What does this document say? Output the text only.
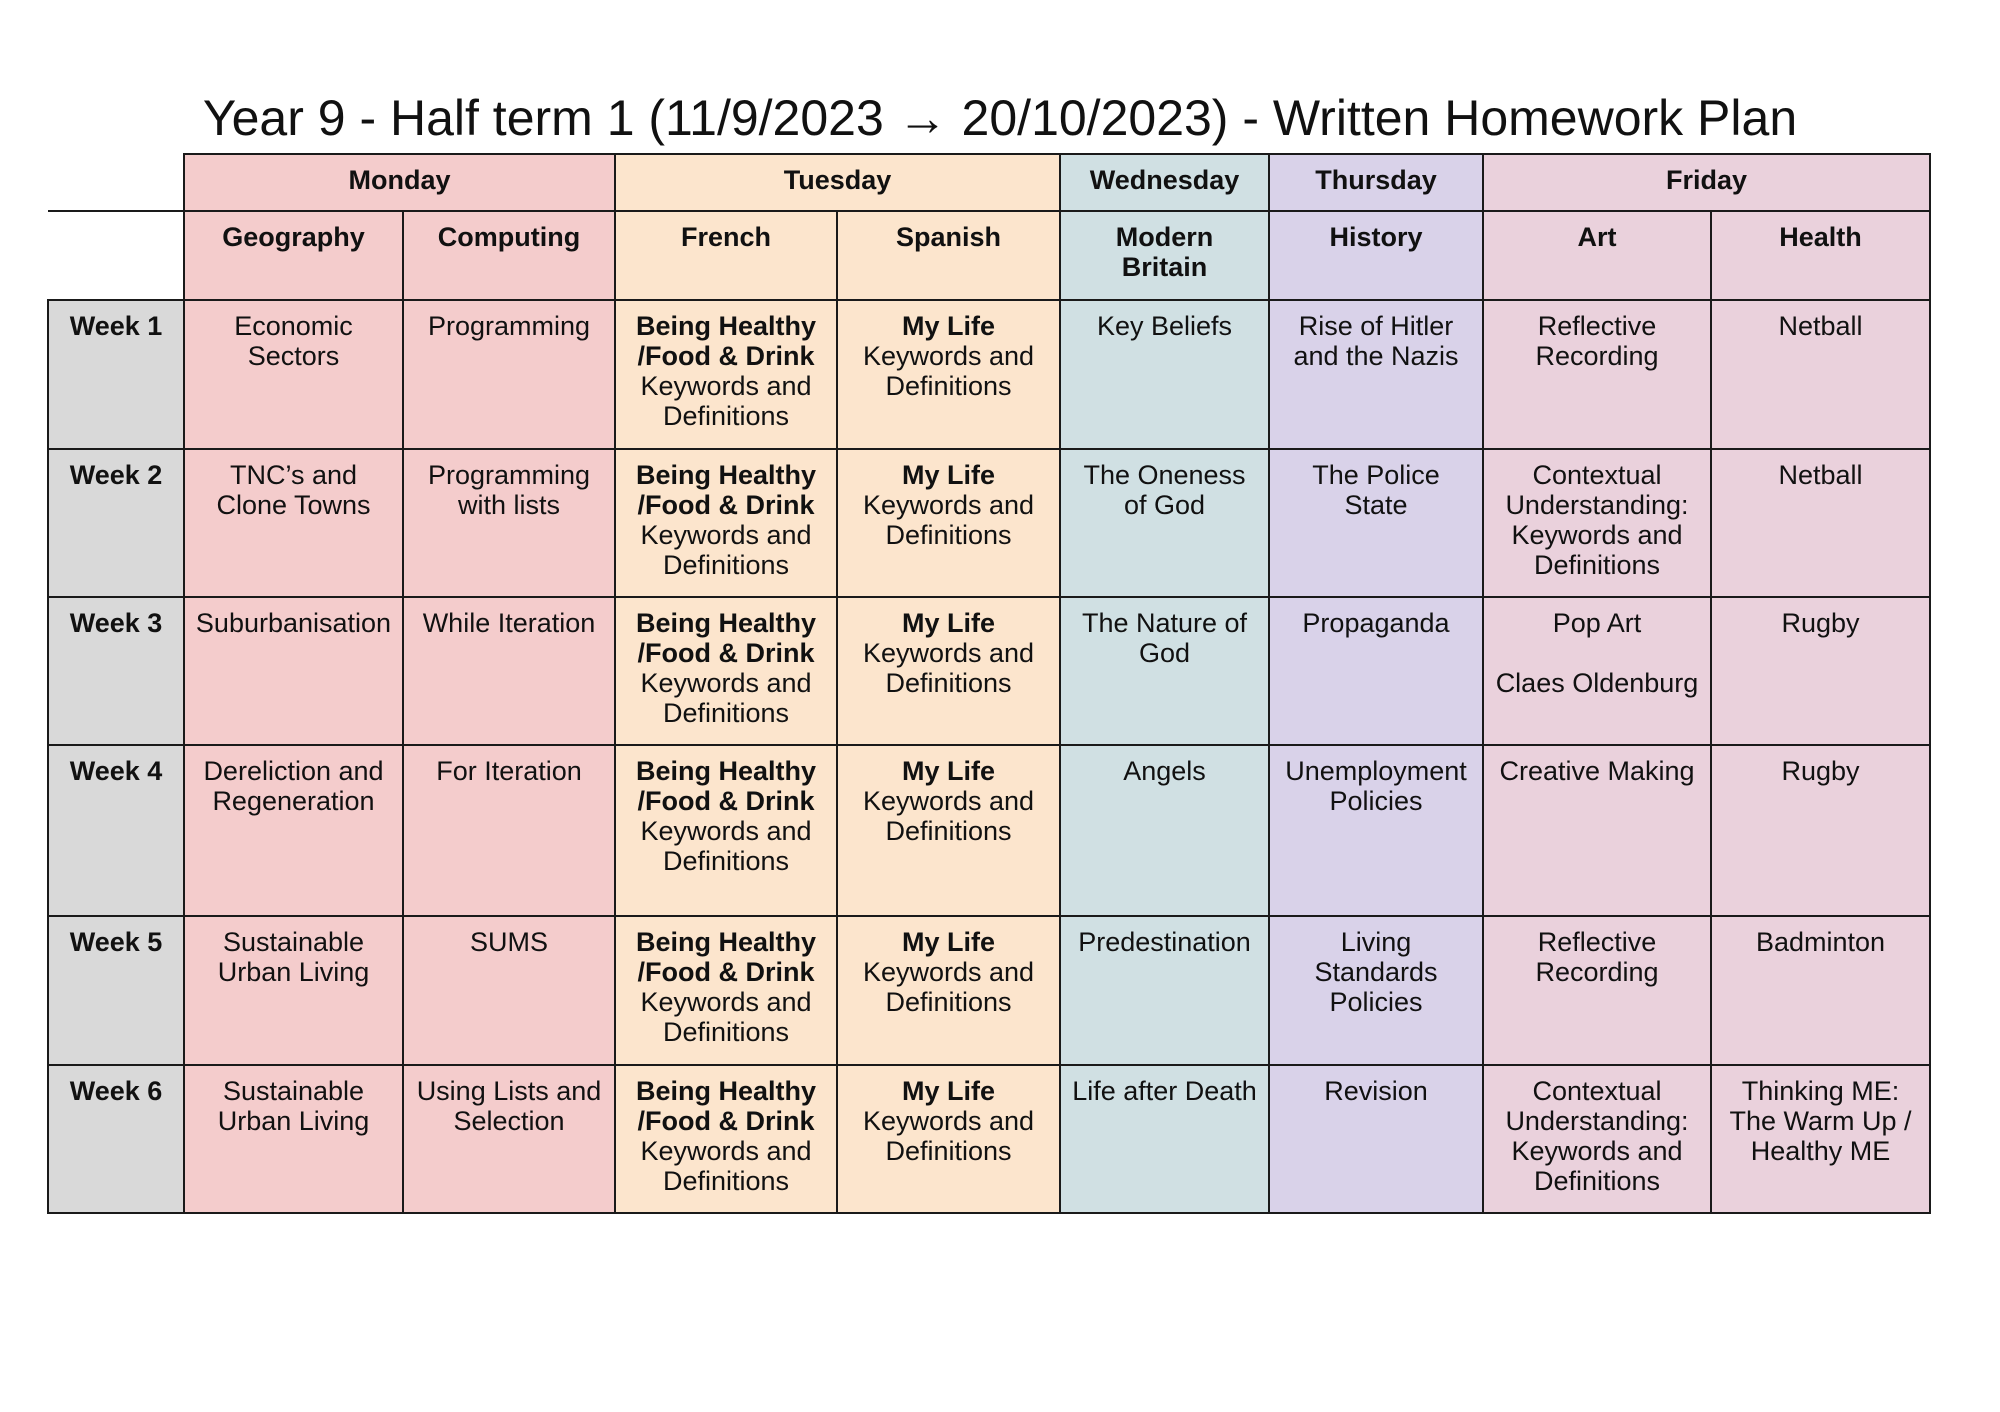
Year 9 - Half term 1 (11/9/2023 → 20/10/2023) - Written Homework Plan
	Monday		Tuesday		Wednesday	Thursday	Friday	
	Geography	Computing	French	Spanish	Modern
Britain	History	Art	Health
Week 1	Economic
Sectors	Programming	Being Healthy
/Food & Drink
Keywords and
Definitions	My Life
Keywords and
Definitions	Key Beliefs	Rise of Hitler
and the Nazis	Reflective
Recording	Netball

Week 2	TNC’s and
Clone Towns	Programming
with lists	Being Healthy
/Food & Drink
Keywords and
Definitions	My Life
Keywords and
Definitions	The Oneness
of God	The Police
State	Contextual
Understanding:
Keywords and
Definitions	Netball

Week 3	Suburbanisation	While Iteration	Being Healthy
/Food & Drink
Keywords and
Definitions	My Life
Keywords and
Definitions	The Nature of
God	Propaganda	Pop Art
Claes Oldenburg	Rugby

Week 4	Dereliction and
Regeneration	For Iteration	Being Healthy
/Food & Drink
Keywords and
Definitions	My Life
Keywords and
Definitions	Angels	Unemployment
Policies	Creative Making	Rugby

Week 5	Sustainable
Urban Living	SUMS	Being Healthy
/Food & Drink
Keywords and
Definitions	My Life
Keywords and
Definitions	Predestination	Living
Standards
Policies	Reflective
Recording	Badminton

Week 6	Sustainable
Urban Living	Using Lists and
Selection	Being Healthy
/Food & Drink
Keywords and
Definitions	My Life
Keywords and
Definitions	Life after Death	Revision	Contextual
Understanding:
Keywords and
Definitions	Thinking ME:
The Warm Up /
Healthy ME
